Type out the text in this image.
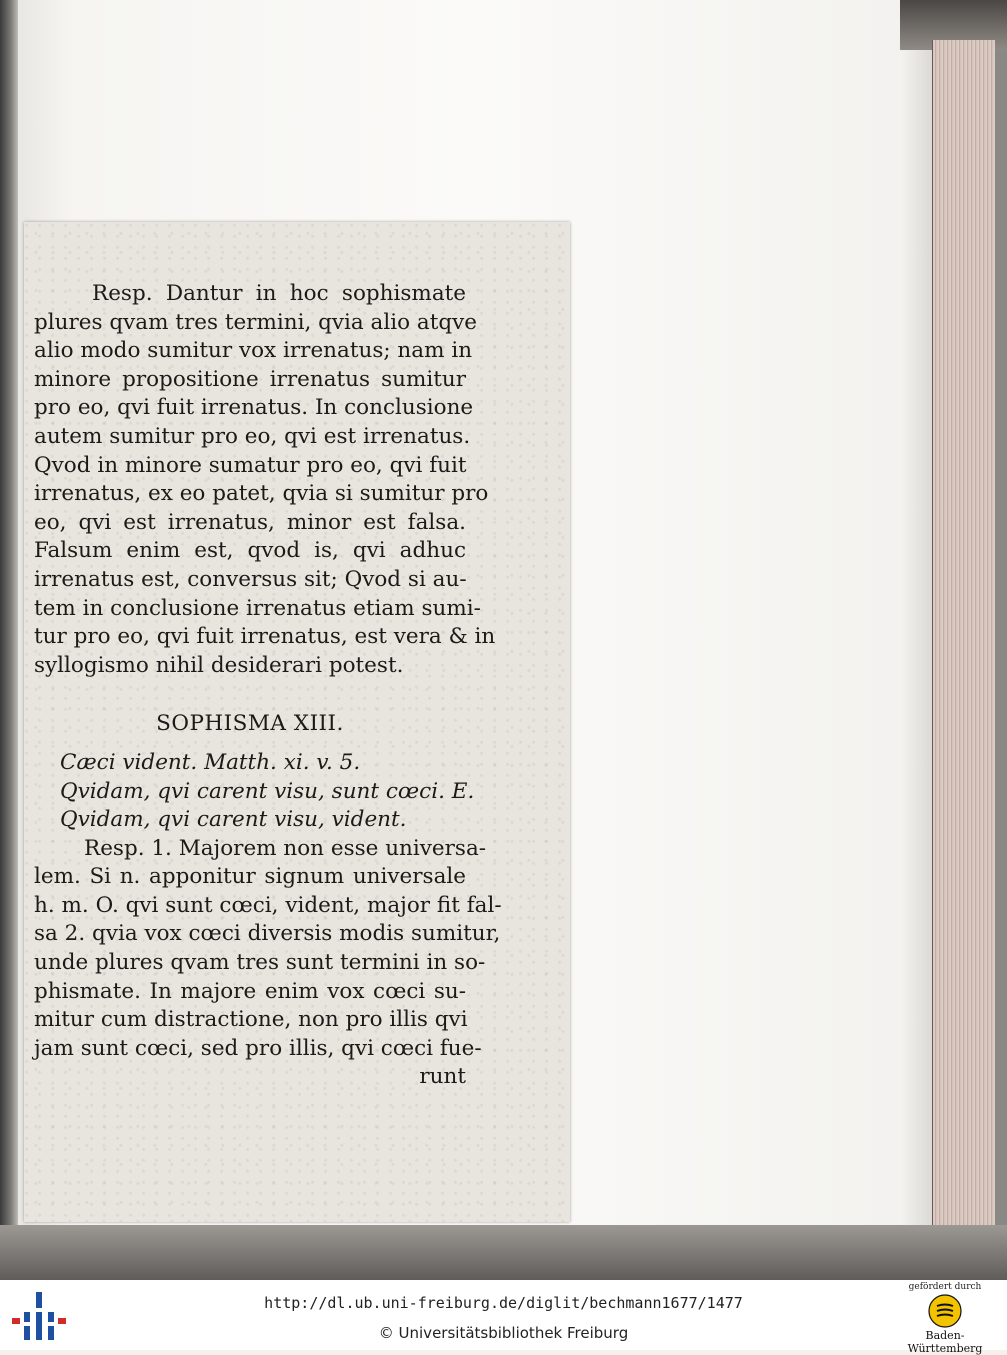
Resp. Dantur in hoc sophismate
plures qvam tres termini, qvia alio atqve
alio modo sumitur vox irrenatus; nam in
minore propositione irrenatus sumitur
pro eo, qvi fuit irrenatus. In conclusione
autem sumitur pro eo, qvi est irrenatus.
Qvod in minore sumatur pro eo, qvi fuit
irrenatus, ex eo patet, qvia si sumitur pro
eo, qvi est irrenatus, minor est falsa.
Falsum enim est, qvod is, qvi adhuc
irrenatus est, conversus sit; Qvod si au-
tem in conclusione irrenatus etiam sumi-
tur pro eo, qvi fuit irrenatus, est vera & in
syllogismo nihil desiderari potest.
SOPHISMA XIII.
Cæci vident. Matth. xi. v. 5.
Qvidam, qvi carent visu, sunt cœci. E.
Qvidam, qvi carent visu, vident.
Resp. 1. Majorem non esse universa-
lem. Si n. apponitur signum universale
h. m. O. qvi sunt cœci, vident, major fit fal-
sa 2. qvia vox cœci diversis modis sumitur,
unde plures qvam tres sunt termini in so-
phismate. In majore enim vox cœci su-
mitur cum distractione, non pro illis qvi
jam sunt cœci, sed pro illis, qvi cœci fue-
runt
http://dl.ub.uni-freiburg.de/diglit/bechmann1677/1477
© Universitätsbibliothek Freiburg
gefördert durch
Baden-Württemberg
